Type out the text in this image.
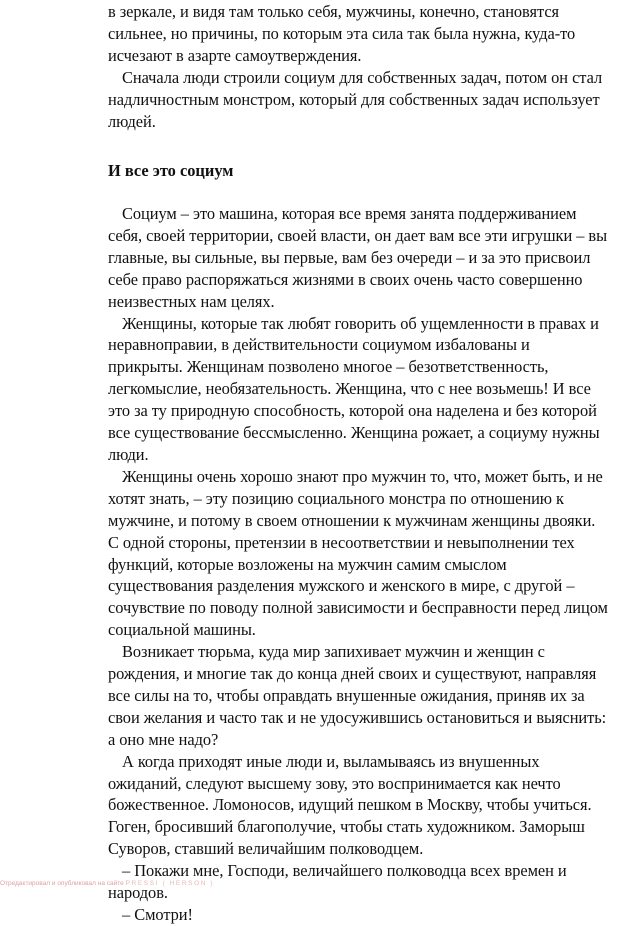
в зеркале, и видя там только себя, мужчины, конечно, становятся сильнее, но причины, по которым эта сила так была нужна, куда-то исчезают в азарте самоутверждения.

Сначала люди строили социум для собственных задач, потом он стал надличностным монстром, который для собственных задач использует людей.

И все это социум

Социум – это машина, которая все время занята поддерживанием себя, своей территории, своей власти, он дает вам все эти игрушки – вы главные, вы сильные, вы первые, вам без очереди – и за это присвоил себе право распоряжаться жизнями в своих очень часто совершенно неизвестных нам целях.

Женщины, которые так любят говорить об ущемленности в правах и неравноправии, в действительности социумом избалованы и прикрыты. Женщинам позволено многое – безответственность, легкомыслие, необязательность. Женщина, что с нее возьмешь! И все это за ту природную способность, которой она наделена и без которой все существование бессмысленно. Женщина рожает, а социуму нужны люди.

Женщины очень хорошо знают про мужчин то, что, может быть, и не хотят знать, – эту позицию социального монстра по отношению к мужчине, и потому в своем отношении к мужчинам женщины двояки. С одной стороны, претензии в несоответствии и невыполнении тех функций, которые возложены на мужчин самим смыслом существования разделения мужского и женского в мире, с другой – сочувствие по поводу полной зависимости и бесправности перед лицом социальной машины.

Возникает тюрьма, куда мир запихивает мужчин и женщин с рождения, и многие так до конца дней своих и существуют, направляя все силы на то, чтобы оправдать внушенные ожидания, приняв их за свои желания и часто так и не удосужившись остановиться и выяснить: а оно мне надо?

А когда приходят иные люди и, выламываясь из внушенных ожиданий, следуют высшему зову, это воспринимается как нечто божественное. Ломоносов, идущий пешком в Москву, чтобы учиться. Гоген, бросивший благополучие, чтобы стать художником. Заморыш Суворов, ставший величайшим полководцем.

– Покажи мне, Господи, величайшего полководца всех времен и народов.

– Смотри!

Отредактировал и опубликовал на сайте PRESSI ( HERSON )
